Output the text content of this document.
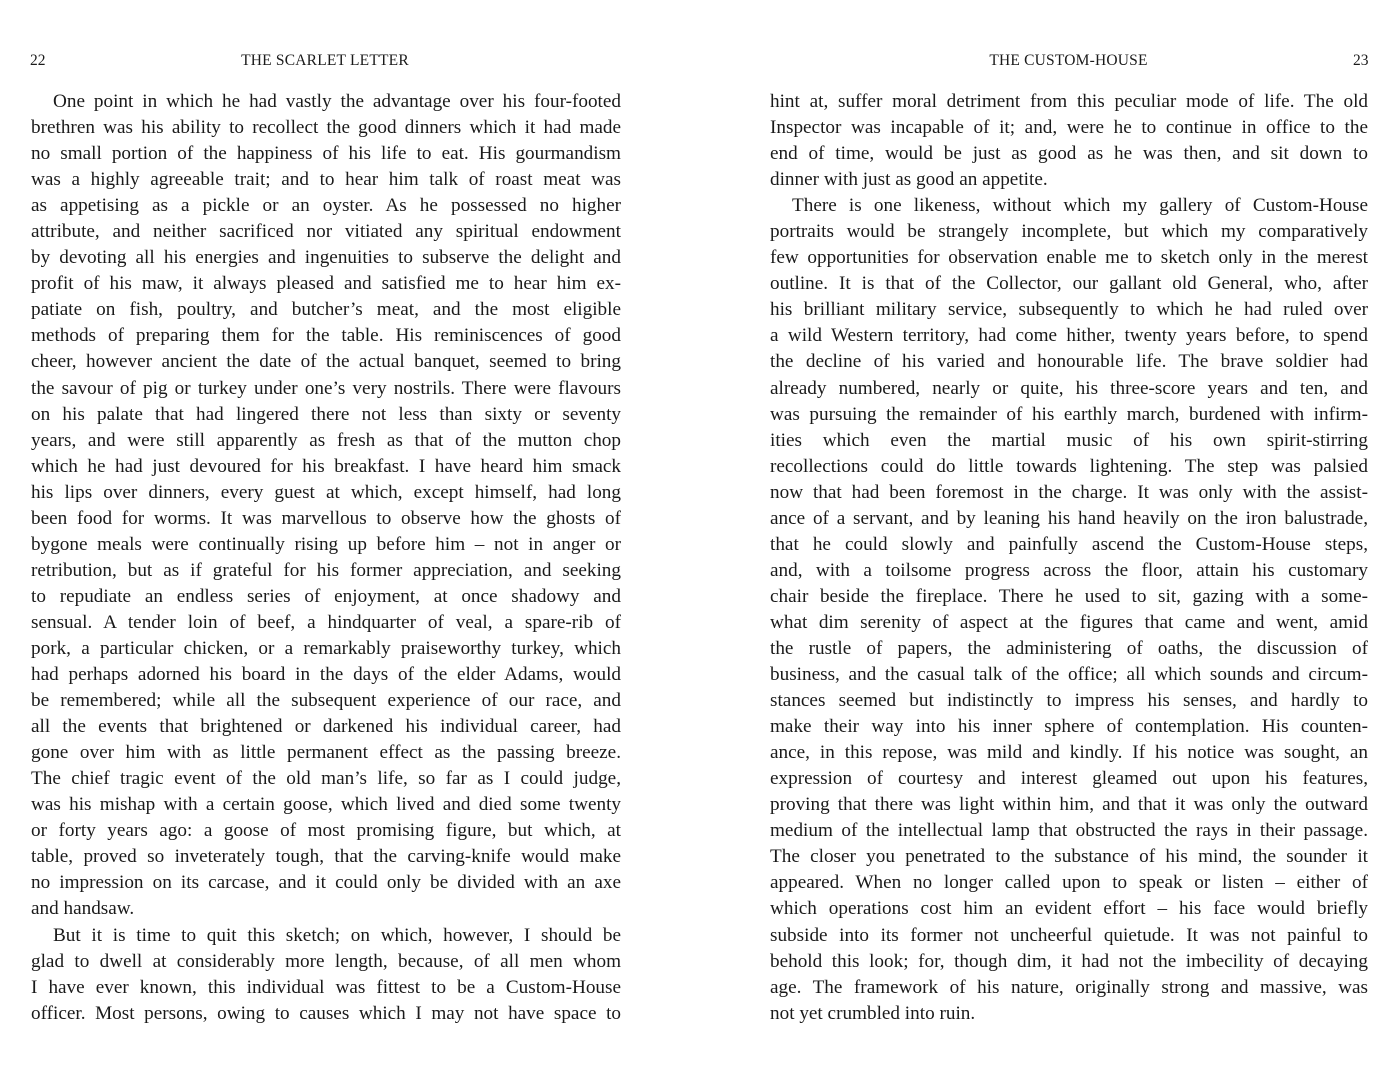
22	THE SCARLET LETTER
One point in which he had vastly the advantage over his four-footed
brethren was his ability to recollect the good dinners which it had made
no small portion of the happiness of his life to eat. His gourmandism
was a highly agreeable trait; and to hear him talk of roast meat was
as appetising as a pickle or an oyster. As he possessed no higher
attribute, and neither sacrificed nor vitiated any spiritual endowment
by devoting all his energies and ingenuities to subserve the delight and
profit of his maw, it always pleased and satisfied me to hear him ex-
patiate on fish, poultry, and butcher’s meat, and the most eligible
methods of preparing them for the table. His reminiscences of good
cheer, however ancient the date of the actual banquet, seemed to bring
the savour of pig or turkey under one’s very nostrils. There were flavours
on his palate that had lingered there not less than sixty or seventy
years, and were still apparently as fresh as that of the mutton chop
which he had just devoured for his breakfast. I have heard him smack
his lips over dinners, every guest at which, except himself, had long
been food for worms. It was marvellous to observe how the ghosts of
bygone meals were continually rising up before him – not in anger or
retribution, but as if grateful for his former appreciation, and seeking
to repudiate an endless series of enjoyment, at once shadowy and
sensual. A tender loin of beef, a hindquarter of veal, a spare-rib of
pork, a particular chicken, or a remarkably praiseworthy turkey, which
had perhaps adorned his board in the days of the elder Adams, would
be remembered; while all the subsequent experience of our race, and
all the events that brightened or darkened his individual career, had
gone over him with as little permanent effect as the passing breeze.
The chief tragic event of the old man’s life, so far as I could judge,
was his mishap with a certain goose, which lived and died some twenty
or forty years ago: a goose of most promising figure, but which, at
table, proved so inveterately tough, that the carving-knife would make
no impression on its carcase, and it could only be divided with an axe
and handsaw.
But it is time to quit this sketch; on which, however, I should be
glad to dwell at considerably more length, because, of all men whom
I have ever known, this individual was fittest to be a Custom-House
officer. Most persons, owing to causes which I may not have space to
THE CUSTOM-HOUSE	23
hint at, suffer moral detriment from this peculiar mode of life. The old
Inspector was incapable of it; and, were he to continue in office to the
end of time, would be just as good as he was then, and sit down to
dinner with just as good an appetite.
There is one likeness, without which my gallery of Custom-House
portraits would be strangely incomplete, but which my comparatively
few opportunities for observation enable me to sketch only in the merest
outline. It is that of the Collector, our gallant old General, who, after
his brilliant military service, subsequently to which he had ruled over
a wild Western territory, had come hither, twenty years before, to spend
the decline of his varied and honourable life. The brave soldier had
already numbered, nearly or quite, his three-score years and ten, and
was pursuing the remainder of his earthly march, burdened with infirm-
ities which even the martial music of his own spirit-stirring
recollections could do little towards lightening. The step was palsied
now that had been foremost in the charge. It was only with the assist-
ance of a servant, and by leaning his hand heavily on the iron balustrade,
that he could slowly and painfully ascend the Custom-House steps,
and, with a toilsome progress across the floor, attain his customary
chair beside the fireplace. There he used to sit, gazing with a some-
what dim serenity of aspect at the figures that came and went, amid
the rustle of papers, the administering of oaths, the discussion of
business, and the casual talk of the office; all which sounds and circum-
stances seemed but indistinctly to impress his senses, and hardly to
make their way into his inner sphere of contemplation. His counten-
ance, in this repose, was mild and kindly. If his notice was sought, an
expression of courtesy and interest gleamed out upon his features,
proving that there was light within him, and that it was only the outward
medium of the intellectual lamp that obstructed the rays in their passage.
The closer you penetrated to the substance of his mind, the sounder it
appeared. When no longer called upon to speak or listen – either of
which operations cost him an evident effort – his face would briefly
subside into its former not uncheerful quietude. It was not painful to
behold this look; for, though dim, it had not the imbecility of decaying
age. The framework of his nature, originally strong and massive, was
not yet crumbled into ruin.
